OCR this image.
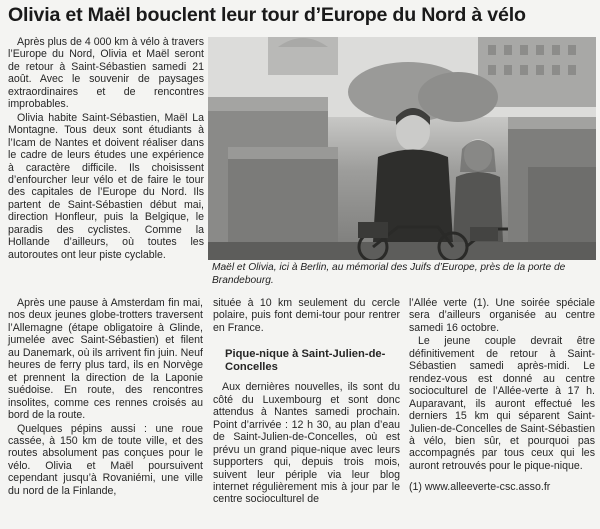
Olivia et Maël bouclent leur tour d’Europe du Nord à vélo

Après plus de 4 000 km à vélo à travers l’Europe du Nord, Olivia et Maël seront de retour à Saint-Sébastien samedi 21 août. Avec le souvenir de paysages extraordinaires et de rencontres improbables.

Olivia habite Saint-Sébastien, Maël La Montagne. Tous deux sont étudiants à l’Icam de Nantes et doivent réaliser dans le cadre de leurs études une expérience à caractère difficile. Ils choisissent d’enfourcher leur vélo et de faire le tour des capitales de l’Europe du Nord. Ils partent de Saint-Sébastien début mai, direction Honfleur, puis la Belgique, le paradis des cyclistes. Comme la Hollande d’ailleurs, où toutes les autoroutes ont leur piste cyclable.

Maël et Olivia, ici à Berlin, au mémorial des Juifs d’Europe, près de la porte de Brandebourg.

Après une pause à Amsterdam fin mai, nos deux jeunes globe-trotters traversent l’Allemagne (étape obligatoire à Glinde, jumelée avec Saint-Sébastien) et filent au Danemark, où ils arrivent fin juin. Neuf heures de ferry plus tard, ils en Norvège et prennent la direction de la Laponie suédoise. En route, des rencontres insolites, comme ces rennes croisés au bord de la route.

Quelques pépins aussi : une roue cassée, à 150 km de toute ville, et des routes absolument pas conçues pour le vélo. Olivia et Maël poursuivent cependant jusqu’à Rovaniémi, une ville du nord de la Finlande,

située à 10 km seulement du cercle polaire, puis font demi-tour pour rentrer en France.

Pique-nique à Saint-Julien-de-Concelles

Aux dernières nouvelles, ils sont du côté du Luxembourg et sont donc attendus à Nantes samedi prochain. Point d’arrivée : 12 h 30, au plan d’eau de Saint-Julien-de-Concelles, où est prévu un grand pique-nique avec leurs supporters qui, depuis trois mois, suivent leur périple via leur blog internet régulièrement mis à jour par le centre socioculturel de

l’Allée verte (1). Une soirée spéciale sera d’ailleurs organisée au centre samedi 16 octobre.

Le jeune couple devrait être définitivement de retour à Saint-Sébastien samedi après-midi. Le rendez-vous est donné au centre socioculturel de l’Allée-verte à 17 h. Auparavant, ils auront effectué les derniers 15 km qui séparent Saint-Julien-de-Concelles de Saint-Sébastien à vélo, bien sûr, et pourquoi pas accompagnés par tous ceux qui les auront retrouvés pour le pique-nique.

(1) www.alleeverte-csc.asso.fr
